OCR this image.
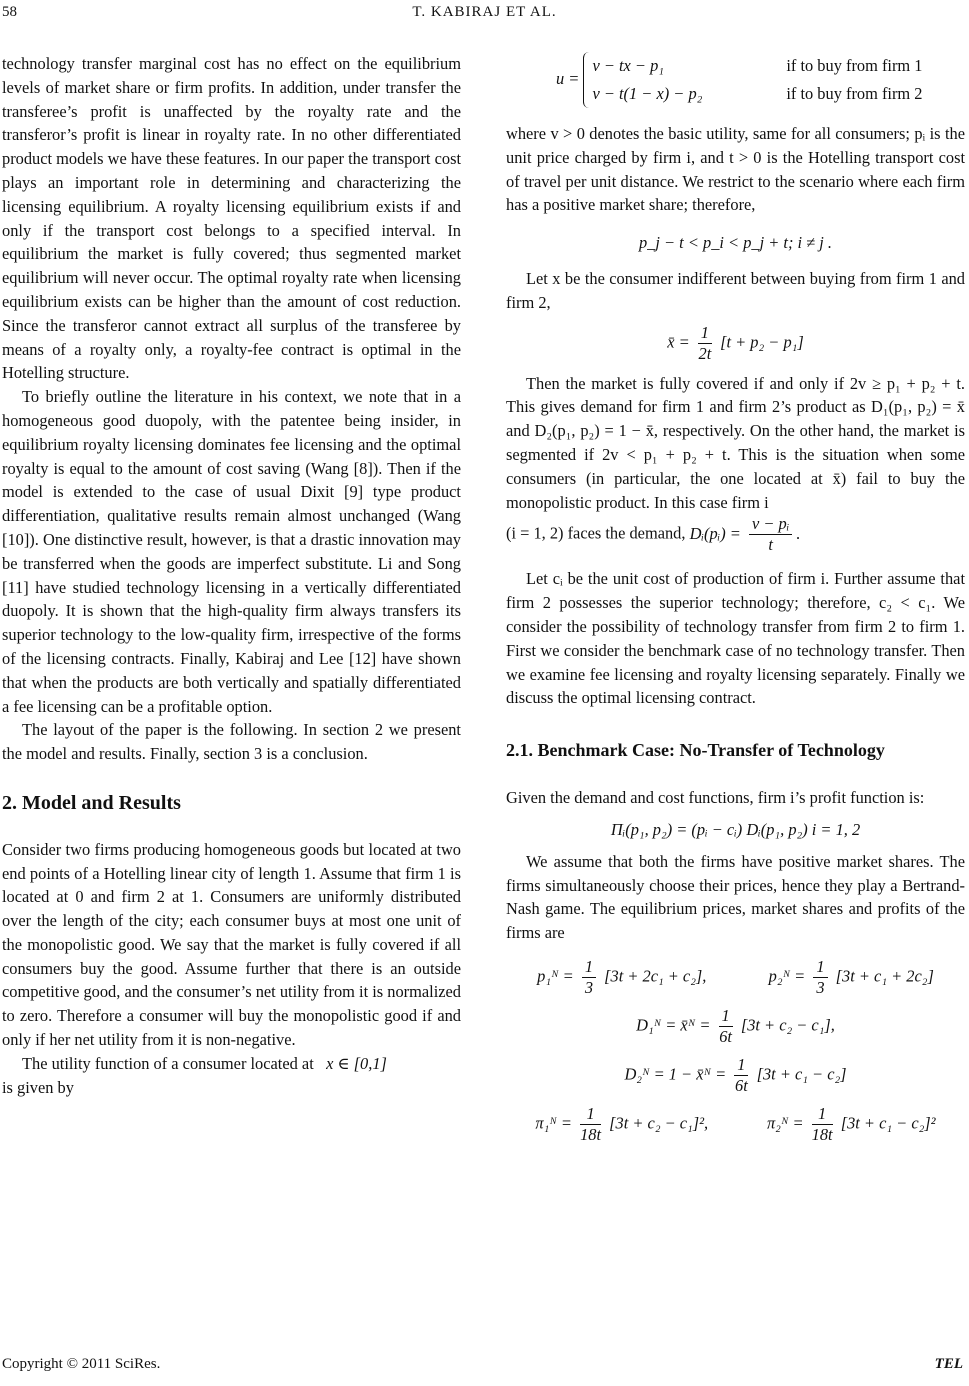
58	T. KABIRAJ ET AL.

technology transfer marginal cost has no effect on the equilibrium levels of market share or firm profits. In addition, under transfer the transferee’s profit is unaffected by the royalty rate and the transferor’s profit is linear in royalty rate. In no other differentiated product models we have these features. In our paper the transport cost plays an important role in determining and characterizing the licensing equilibrium. A royalty licensing equilibrium exists if and only if the transport cost belongs to a specified interval. In equilibrium the market is fully covered; thus segmented market equilibrium will never occur. The optimal royalty rate when licensing equilibrium exists can be higher than the amount of cost reduction. Since the transferor cannot extract all surplus of the transferee by means of a royalty only, a royalty-fee contract is optimal in the Hotelling structure.

To briefly outline the literature in his context, we note that in a homogeneous good duopoly, with the patentee being insider, in equilibrium royalty licensing dominates fee licensing and the optimal royalty is equal to the amount of cost saving (Wang [8]). Then if the model is extended to the case of usual Dixit [9] type product differentiation, qualitative results remain almost unchanged (Wang [10]). One distinctive result, however, is that a drastic innovation may be transferred when the goods are imperfect substitute. Li and Song [11] have studied technology licensing in a vertically differentiated duopoly. It is shown that the high-quality firm always transfers its superior technology to the low-quality firm, irrespective of the forms of the licensing contracts. Finally, Kabiraj and Lee [12] have shown that when the products are both vertically and spatially differentiated a fee licensing can be a profitable option.

The layout of the paper is the following. In section 2 we present the model and results. Finally, section 3 is a conclusion.

2. Model and Results

Consider two firms producing homogeneous goods but located at two end points of a Hotelling linear city of length 1. Assume that firm 1 is located at 0 and firm 2 at 1. Consumers are uniformly distributed over the length of the city; each consumer buys at most one unit of the monopolistic good. We say that the market is fully covered if all consumers buy the good. Assume further that there is an outside competitive good, and the consumer’s net utility from it is normalized to zero. Therefore a consumer will buy the monopolistic good if and only if her net utility from it is non-negative.

The utility function of a consumer located at x ∈ [0,1]
is given by

u =
v − tx − p₁	if to buy from firm 1
v − t(1 − x) − p₂	if to buy from firm 2

where v > 0 denotes the basic utility, same for all consumers; pᵢ is the unit price charged by firm i, and t > 0 is the Hotelling transport cost of travel per unit distance. We restrict to the scenario where each firm has a positive market share; therefore,

p_j − t < p_i < p_j + t; i ≠ j .

Let x be the consumer indifferent between buying from firm 1 and firm 2,

x̄ = $\frac{1}{2t} [t + p_2 - p_1]$

Then the market is fully covered if and only if 2v ≥ p₁ + p₂ + t. This gives demand for firm 1 and firm 2’s product as D₁(p₁, p₂) = x̄ and D₂(p₁, p₂) = 1 − x̄, respectively. On the other hand, the market is segmented if 2v < p₁ + p₂ + t. This is the situation when some consumers (in particular, the one located at x̄) fail to buy the monopolistic product. In this case firm i

(i = 1, 2) faces the demand, Dᵢ(pᵢ) = $\frac{\text{v − pᵢ}}{t}$ .

Let cᵢ be the unit cost of production of firm i. Further assume that firm 2 possesses the superior technology; therefore, c₂ < c₁. We consider the possibility of technology transfer from firm 2 to firm 1. First we consider the benchmark case of no technology transfer. Then we examine fee licensing and royalty licensing separately. Finally we discuss the optimal licensing contract.

2.1. Benchmark Case: No-Transfer of Technology

Given the demand and cost functions, firm i’s profit function is:

Πᵢ(p₁, p₂) = (pᵢ − cᵢ) Dᵢ(p₁, p₂) i = 1, 2

We assume that both the firms have positive market shares. The firms simultaneously choose their prices, hence they play a Bertrand-Nash game. The equilibrium prices, market shares and profits of the firms are

p₁ᴺ = $\frac{1}{3} [3t + 2c_1 + c_2]$,	p₂ᴺ = $\frac{1}{3} [3t + c_1 + 2c_2]$
D₁ᴺ = x̄ᴺ = $\frac{1}{6t} [3t + c_2 - c_1]$,
D₂ᴺ = 1 − x̄ᴺ = $\frac{1}{6t} [3t + c_1 - c_2]$
π₁ᴺ = $\frac{1}{18t} [3t + c_2 - c_1]^2$,	π₂ᴺ = $\frac{1}{18t} [3t + c_1 - c_2]^2$
Copyright © 2011 SciRes.	TEL
